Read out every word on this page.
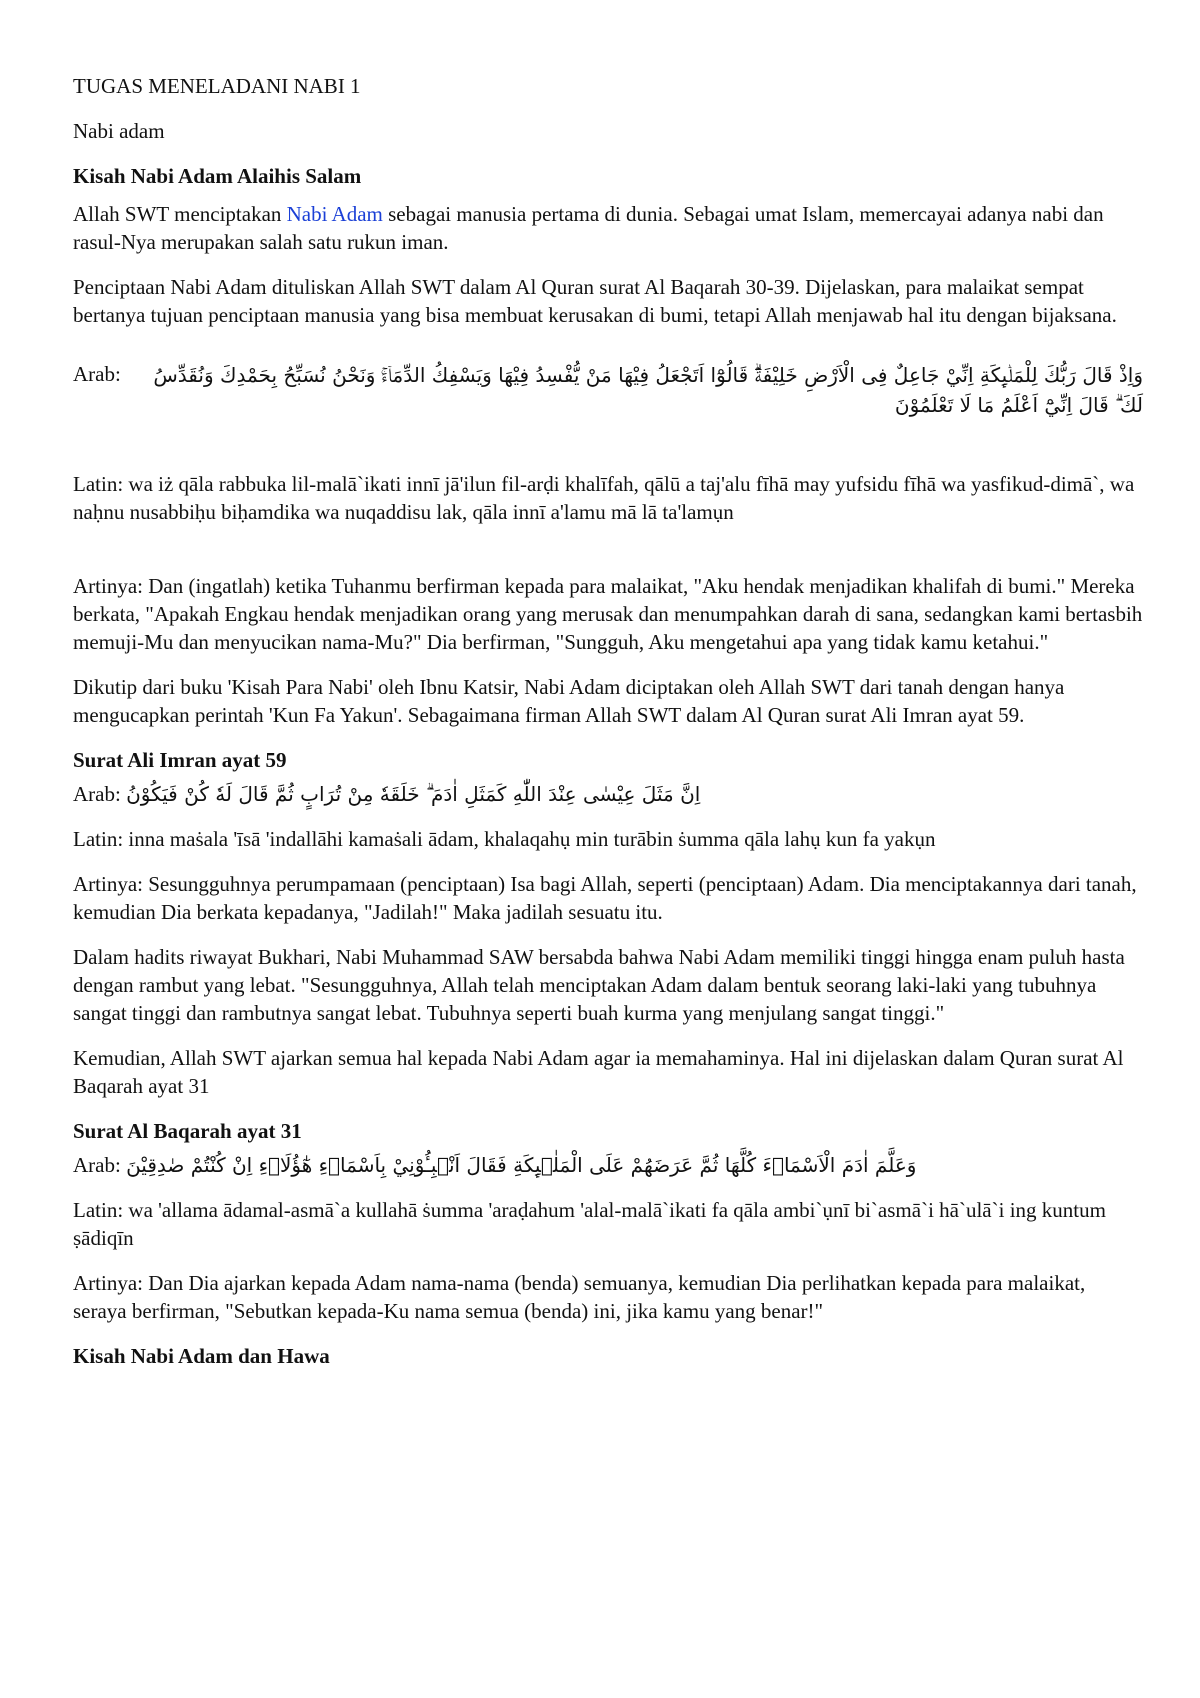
TUGAS MENELADANI NABI 1

Nabi adam

Kisah Nabi Adam Alaihis Salam

Allah SWT menciptakan Nabi Adam sebagai manusia pertama di dunia. Sebagai umat Islam, memercayai adanya nabi dan rasul-Nya merupakan salah satu rukun iman.

Penciptaan Nabi Adam dituliskan Allah SWT dalam Al Quran surat Al Baqarah 30-39. Dijelaskan, para malaikat sempat bertanya tujuan penciptaan manusia yang bisa membuat kerusakan di bumi, tetapi Allah menjawab hal itu dengan bijaksana.

Arab:	وَاِذْ قَالَ رَبُّكَ لِلْمَلٰۤىِٕكَةِ اِنِّيْ جَاعِلٌ فِى الْاَرْضِ خَلِيْفَةًۗ قَالُوْٓا اَتَجْعَلُ فِيْهَا مَنْ يُّفْسِدُ فِيْهَا وَيَسْفِكُ الدِّمَاۤءَۚ وَنَحْنُ نُسَبِّحُ بِحَمْدِكَ وَنُقَدِّسُ لَكَ ۗ قَالَ اِنِّيْٓ اَعْلَمُ مَا لَا تَعْلَمُوْنَ

Latin: wa iż qāla rabbuka lil-malā`ikati innī jā'ilun fil-arḍi khalīfah, qālū a taj'alu fīhā may yufsidu fīhā wa yasfikud-dimā`, wa naḥnu nusabbiḥu biḥamdika wa nuqaddisu lak, qāla innī a'lamu mā lā ta'lamụn

Artinya: Dan (ingatlah) ketika Tuhanmu berfirman kepada para malaikat, "Aku hendak menjadikan khalifah di bumi." Mereka berkata, "Apakah Engkau hendak menjadikan orang yang merusak dan menumpahkan darah di sana, sedangkan kami bertasbih memuji-Mu dan menyucikan nama-Mu?" Dia berfirman, "Sungguh, Aku mengetahui apa yang tidak kamu ketahui."

Dikutip dari buku 'Kisah Para Nabi' oleh Ibnu Katsir, Nabi Adam diciptakan oleh Allah SWT dari tanah dengan hanya mengucapkan perintah 'Kun Fa Yakun'. Sebagaimana firman Allah SWT dalam Al Quran surat Ali Imran ayat 59.

Surat Ali Imran ayat 59

Arab: اِنَّ مَثَلَ عِيْسٰى عِنْدَ اللّٰهِ كَمَثَلِ اٰدَمَ ۗ خَلَقَهٗ مِنْ تُرَابٍ ثُمَّ قَالَ لَهٗ كُنْ فَيَكُوْنُ

Latin: inna maṡala 'īsā 'indallāhi kamaṡali ādam, khalaqahụ min turābin ṡumma qāla lahụ kun fa yakụn

Artinya: Sesungguhnya perumpamaan (penciptaan) Isa bagi Allah, seperti (penciptaan) Adam. Dia menciptakannya dari tanah, kemudian Dia berkata kepadanya, "Jadilah!" Maka jadilah sesuatu itu.

Dalam hadits riwayat Bukhari, Nabi Muhammad SAW bersabda bahwa Nabi Adam memiliki tinggi hingga enam puluh hasta dengan rambut yang lebat. "Sesungguhnya, Allah telah menciptakan Adam dalam bentuk seorang laki-laki yang tubuhnya sangat tinggi dan rambutnya sangat lebat. Tubuhnya seperti buah kurma yang menjulang sangat tinggi."

Kemudian, Allah SWT ajarkan semua hal kepada Nabi Adam agar ia memahaminya. Hal ini dijelaskan dalam Quran surat Al Baqarah ayat 31

Surat Al Baqarah ayat 31

Arab: وَعَلَّمَ اٰدَمَ الْاَسْمَاۤءَ كُلَّهَا ثُمَّ عَرَضَهُمْ عَلَى الْمَلٰۤىِٕكَةِ فَقَالَ اَنْۢبِـُٔوْنِيْ بِاَسْمَاۤءِ هٰٓؤُلَاۤءِ اِنْ كُنْتُمْ صٰدِقِيْنَ

Latin: wa 'allama ādamal-asmā`a kullahā ṡumma 'araḍahum 'alal-malā`ikati fa qāla ambi`ụnī bi`asmā`i hā`ulā`i ing kuntum ṣādiqīn

Artinya: Dan Dia ajarkan kepada Adam nama-nama (benda) semuanya, kemudian Dia perlihatkan kepada para malaikat, seraya berfirman, "Sebutkan kepada-Ku nama semua (benda) ini, jika kamu yang benar!"

Kisah Nabi Adam dan Hawa
